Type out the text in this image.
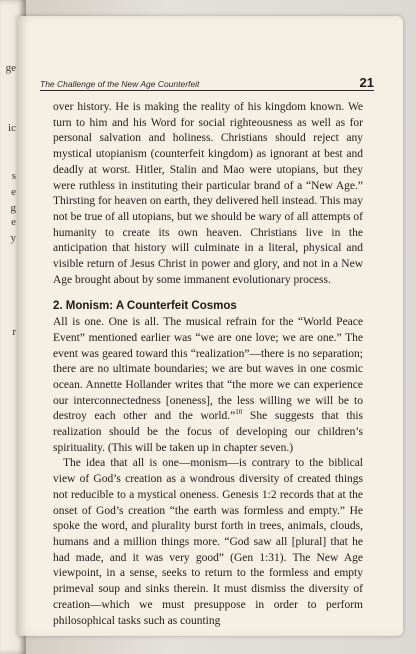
ge
ic
s
e
g
e
y
r
The Challenge of the New Age Counterfeit	21

over history. He is making the reality of his kingdom known. We turn to him and his Word for social righteousness as well as for personal salvation and holiness. Christians should reject any mystical utopianism (counterfeit kingdom) as ignorant at best and deadly at worst. Hitler, Stalin and Mao were utopians, but they were ruthless in instituting their particular brand of a “New Age.” Thirsting for heaven on earth, they delivered hell instead. This may not be true of all utopians, but we should be wary of all attempts of humanity to create its own heaven. Christians live in the anticipation that history will culminate in a literal, physical and visible return of Jesus Christ in power and glory, and not in a New Age brought about by some immanent evolutionary process.

2. Monism: A Counterfeit Cosmos

All is one. One is all. The musical refrain for the “World Peace Event” mentioned earlier was “we are one love; we are one.” The event was geared toward this “realization”—there is no separation; there are no ultimate boundaries; we are but waves in one cosmic ocean. Annette Hollander writes that “the more we can experience our interconnectedness [oneness], the less willing we will be to destroy each other and the world.”$^{10}$ She suggests that this realization should be the focus of developing our children’s spirituality. (This will be taken up in chapter seven.)

The idea that all is one—monism—is contrary to the biblical view of God’s creation as a wondrous diversity of created things not reducible to a mystical oneness. Genesis 1:2 records that at the onset of God’s creation “the earth was formless and empty.” He spoke the word, and plurality burst forth in trees, animals, clouds, humans and a million things more. “God saw all [plural] that he had made, and it was very good” (Gen 1:31). The New Age viewpoint, in a sense, seeks to return to the formless and empty primeval soup and sinks therein. It must dismiss the diversity of creation—which we must presuppose in order to perform philosophical tasks such as counting
